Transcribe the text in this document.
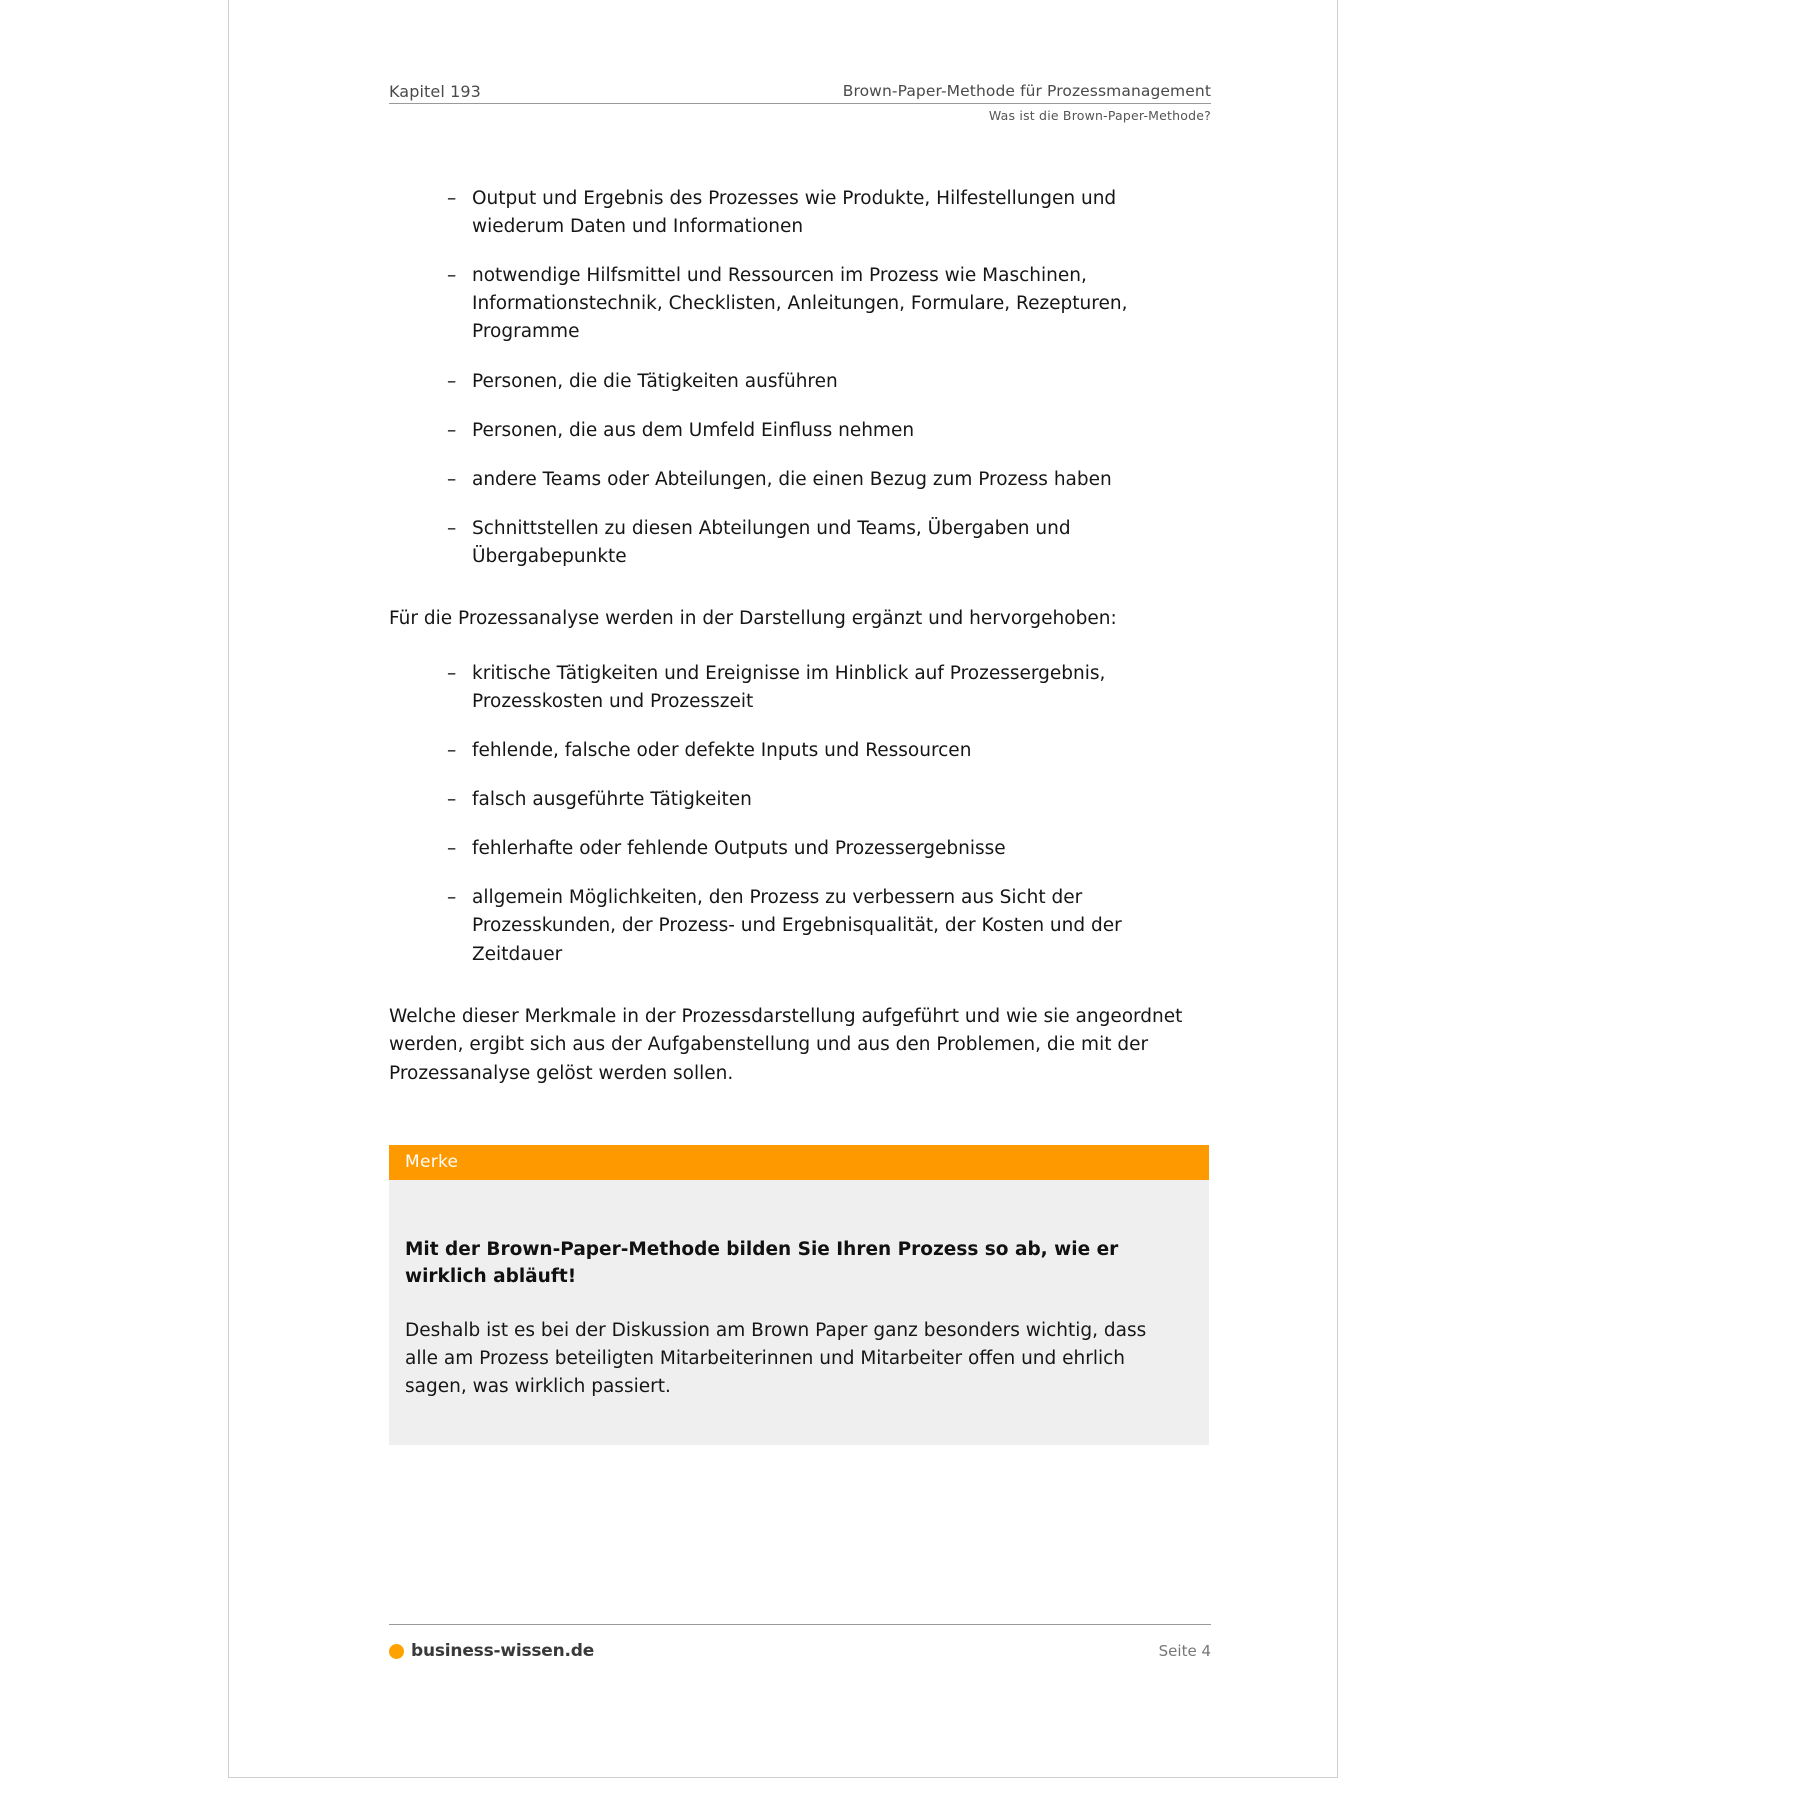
Kapitel 193	Brown-Paper-Methode für Prozessmanagement
Was ist die Brown-Paper-Methode?
– Output und Ergebnis des Prozesses wie Produkte, Hilfestellungen und wiederum Daten und Informationen
– notwendige Hilfsmittel und Ressourcen im Prozess wie Maschinen, Informationstechnik, Checklisten, Anleitungen, Formulare, Rezepturen, Programme
– Personen, die die Tätigkeiten ausführen
– Personen, die aus dem Umfeld Einfluss nehmen
– andere Teams oder Abteilungen, die einen Bezug zum Prozess haben
– Schnittstellen zu diesen Abteilungen und Teams, Übergaben und Übergabepunkte

Für die Prozessanalyse werden in der Darstellung ergänzt und hervorgehoben:

– kritische Tätigkeiten und Ereignisse im Hinblick auf Prozessergebnis, Prozesskosten und Prozesszeit
– fehlende, falsche oder defekte Inputs und Ressourcen
– falsch ausgeführte Tätigkeiten
– fehlerhafte oder fehlende Outputs und Prozessergebnisse
– allgemein Möglichkeiten, den Prozess zu verbessern aus Sicht der Prozesskunden, der Prozess- und Ergebnisqualität, der Kosten und der Zeitdauer

Welche dieser Merkmale in der Prozessdarstellung aufgeführt und wie sie angeordnet werden, ergibt sich aus der Aufgabenstellung und aus den Problemen, die mit der Prozessanalyse gelöst werden sollen.

Merke

Mit der Brown-Paper-Methode bilden Sie Ihren Prozess so ab, wie er wirklich abläuft!

Deshalb ist es bei der Diskussion am Brown Paper ganz besonders wichtig, dass alle am Prozess beteiligten Mitarbeiterinnen und Mitarbeiter offen und ehrlich sagen, was wirklich passiert.

business-wissen.de	Seite 4
